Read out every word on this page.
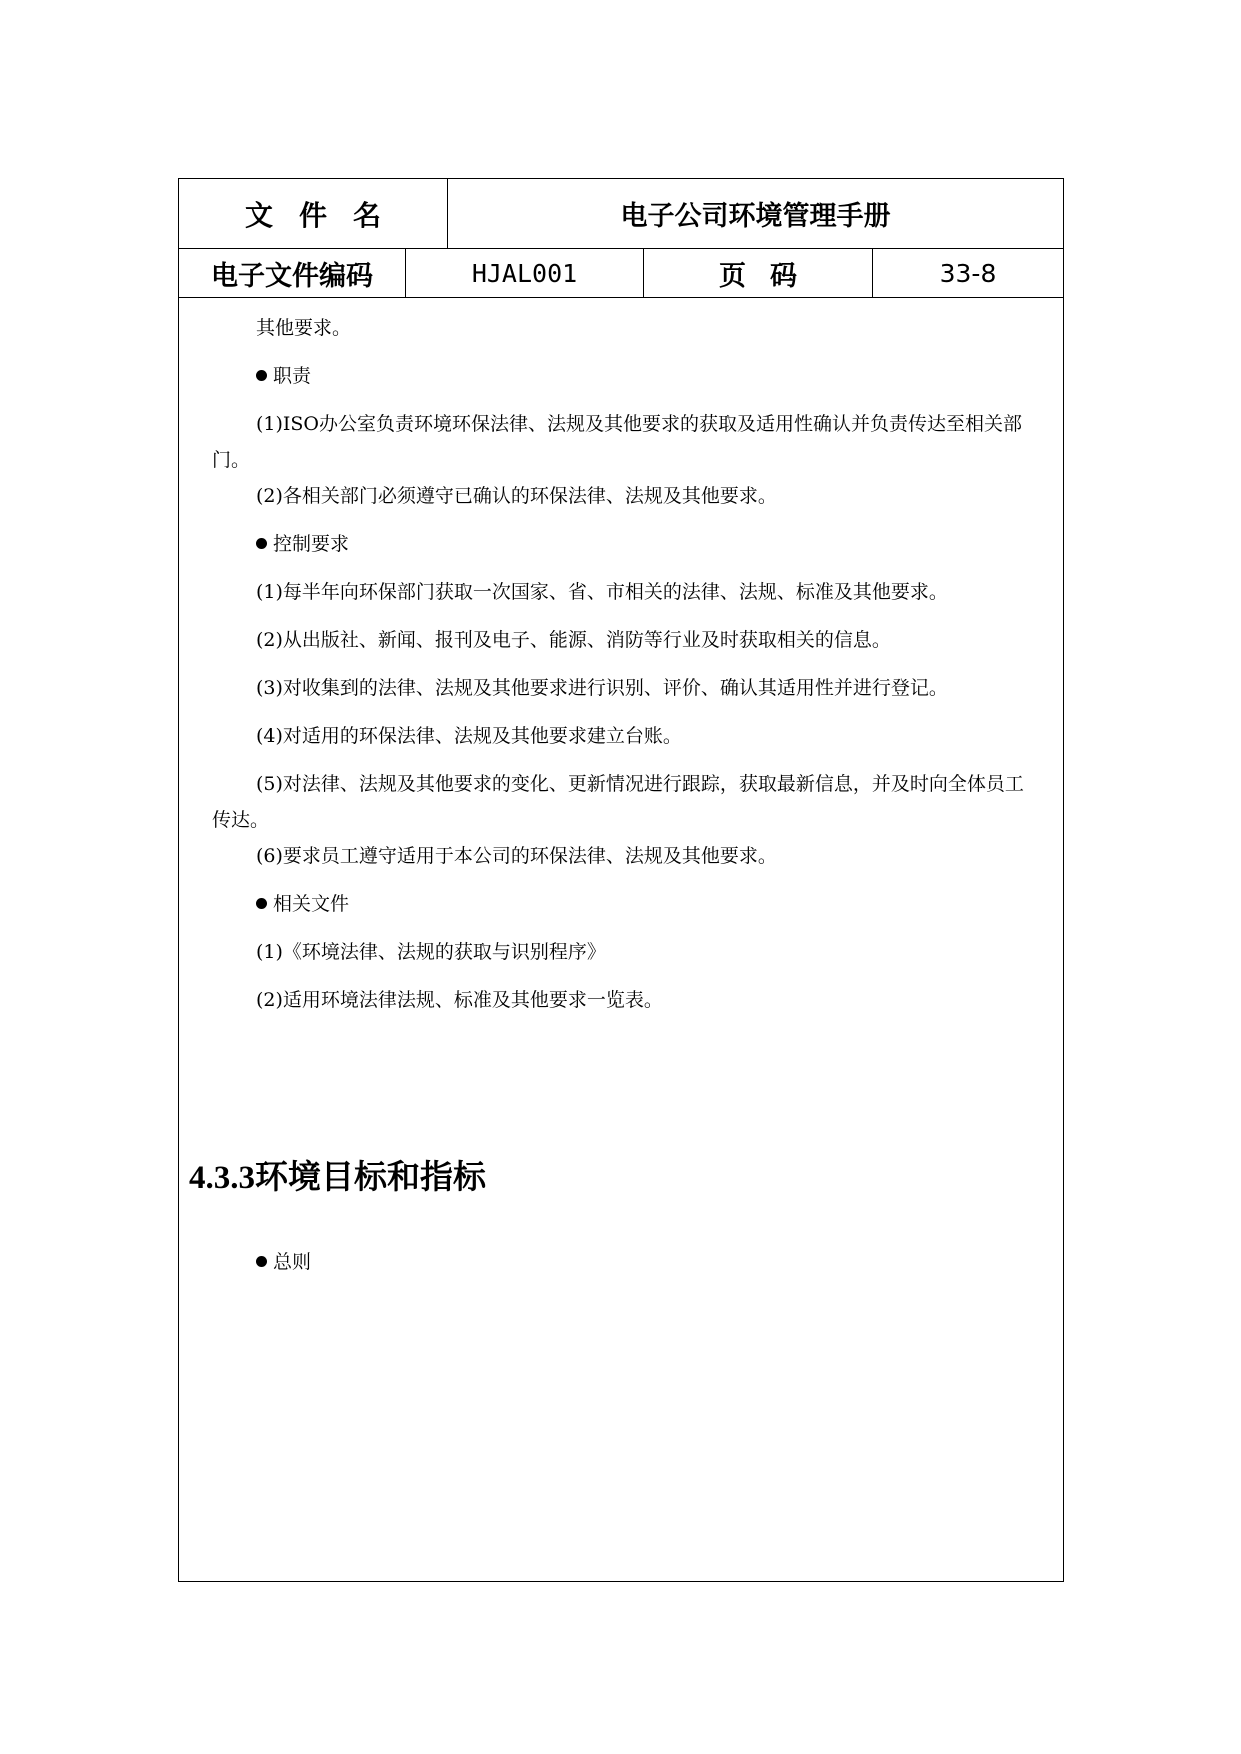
文件名	电子公司环境管理手册
电子文件编码	HJAL001	页码	33-8

其他要求。

职责

(1)ISO办公室负责环境环保法律、法规及其他要求的获取及适用性确认并负责传达至相关部门。

(2)各相关部门必须遵守已确认的环保法律、法规及其他要求。

控制要求

(1)每半年向环保部门获取一次国家、省、市相关的法律、法规、标准及其他要求。

(2)从出版社、新闻、报刊及电子、能源、消防等行业及时获取相关的信息。

(3)对收集到的法律、法规及其他要求进行识别、评价、确认其适用性并进行登记。

(4)对适用的环保法律、法规及其他要求建立台账。

(5)对法律、法规及其他要求的变化、更新情况进行跟踪，获取最新信息，并及时向全体员工传达。

(6)要求员工遵守适用于本公司的环保法律、法规及其他要求。

相关文件

(1)《环境法律、法规的获取与识别程序》

(2)适用环境法律法规、标准及其他要求一览表。

4.3.3环境目标和指标

总则
